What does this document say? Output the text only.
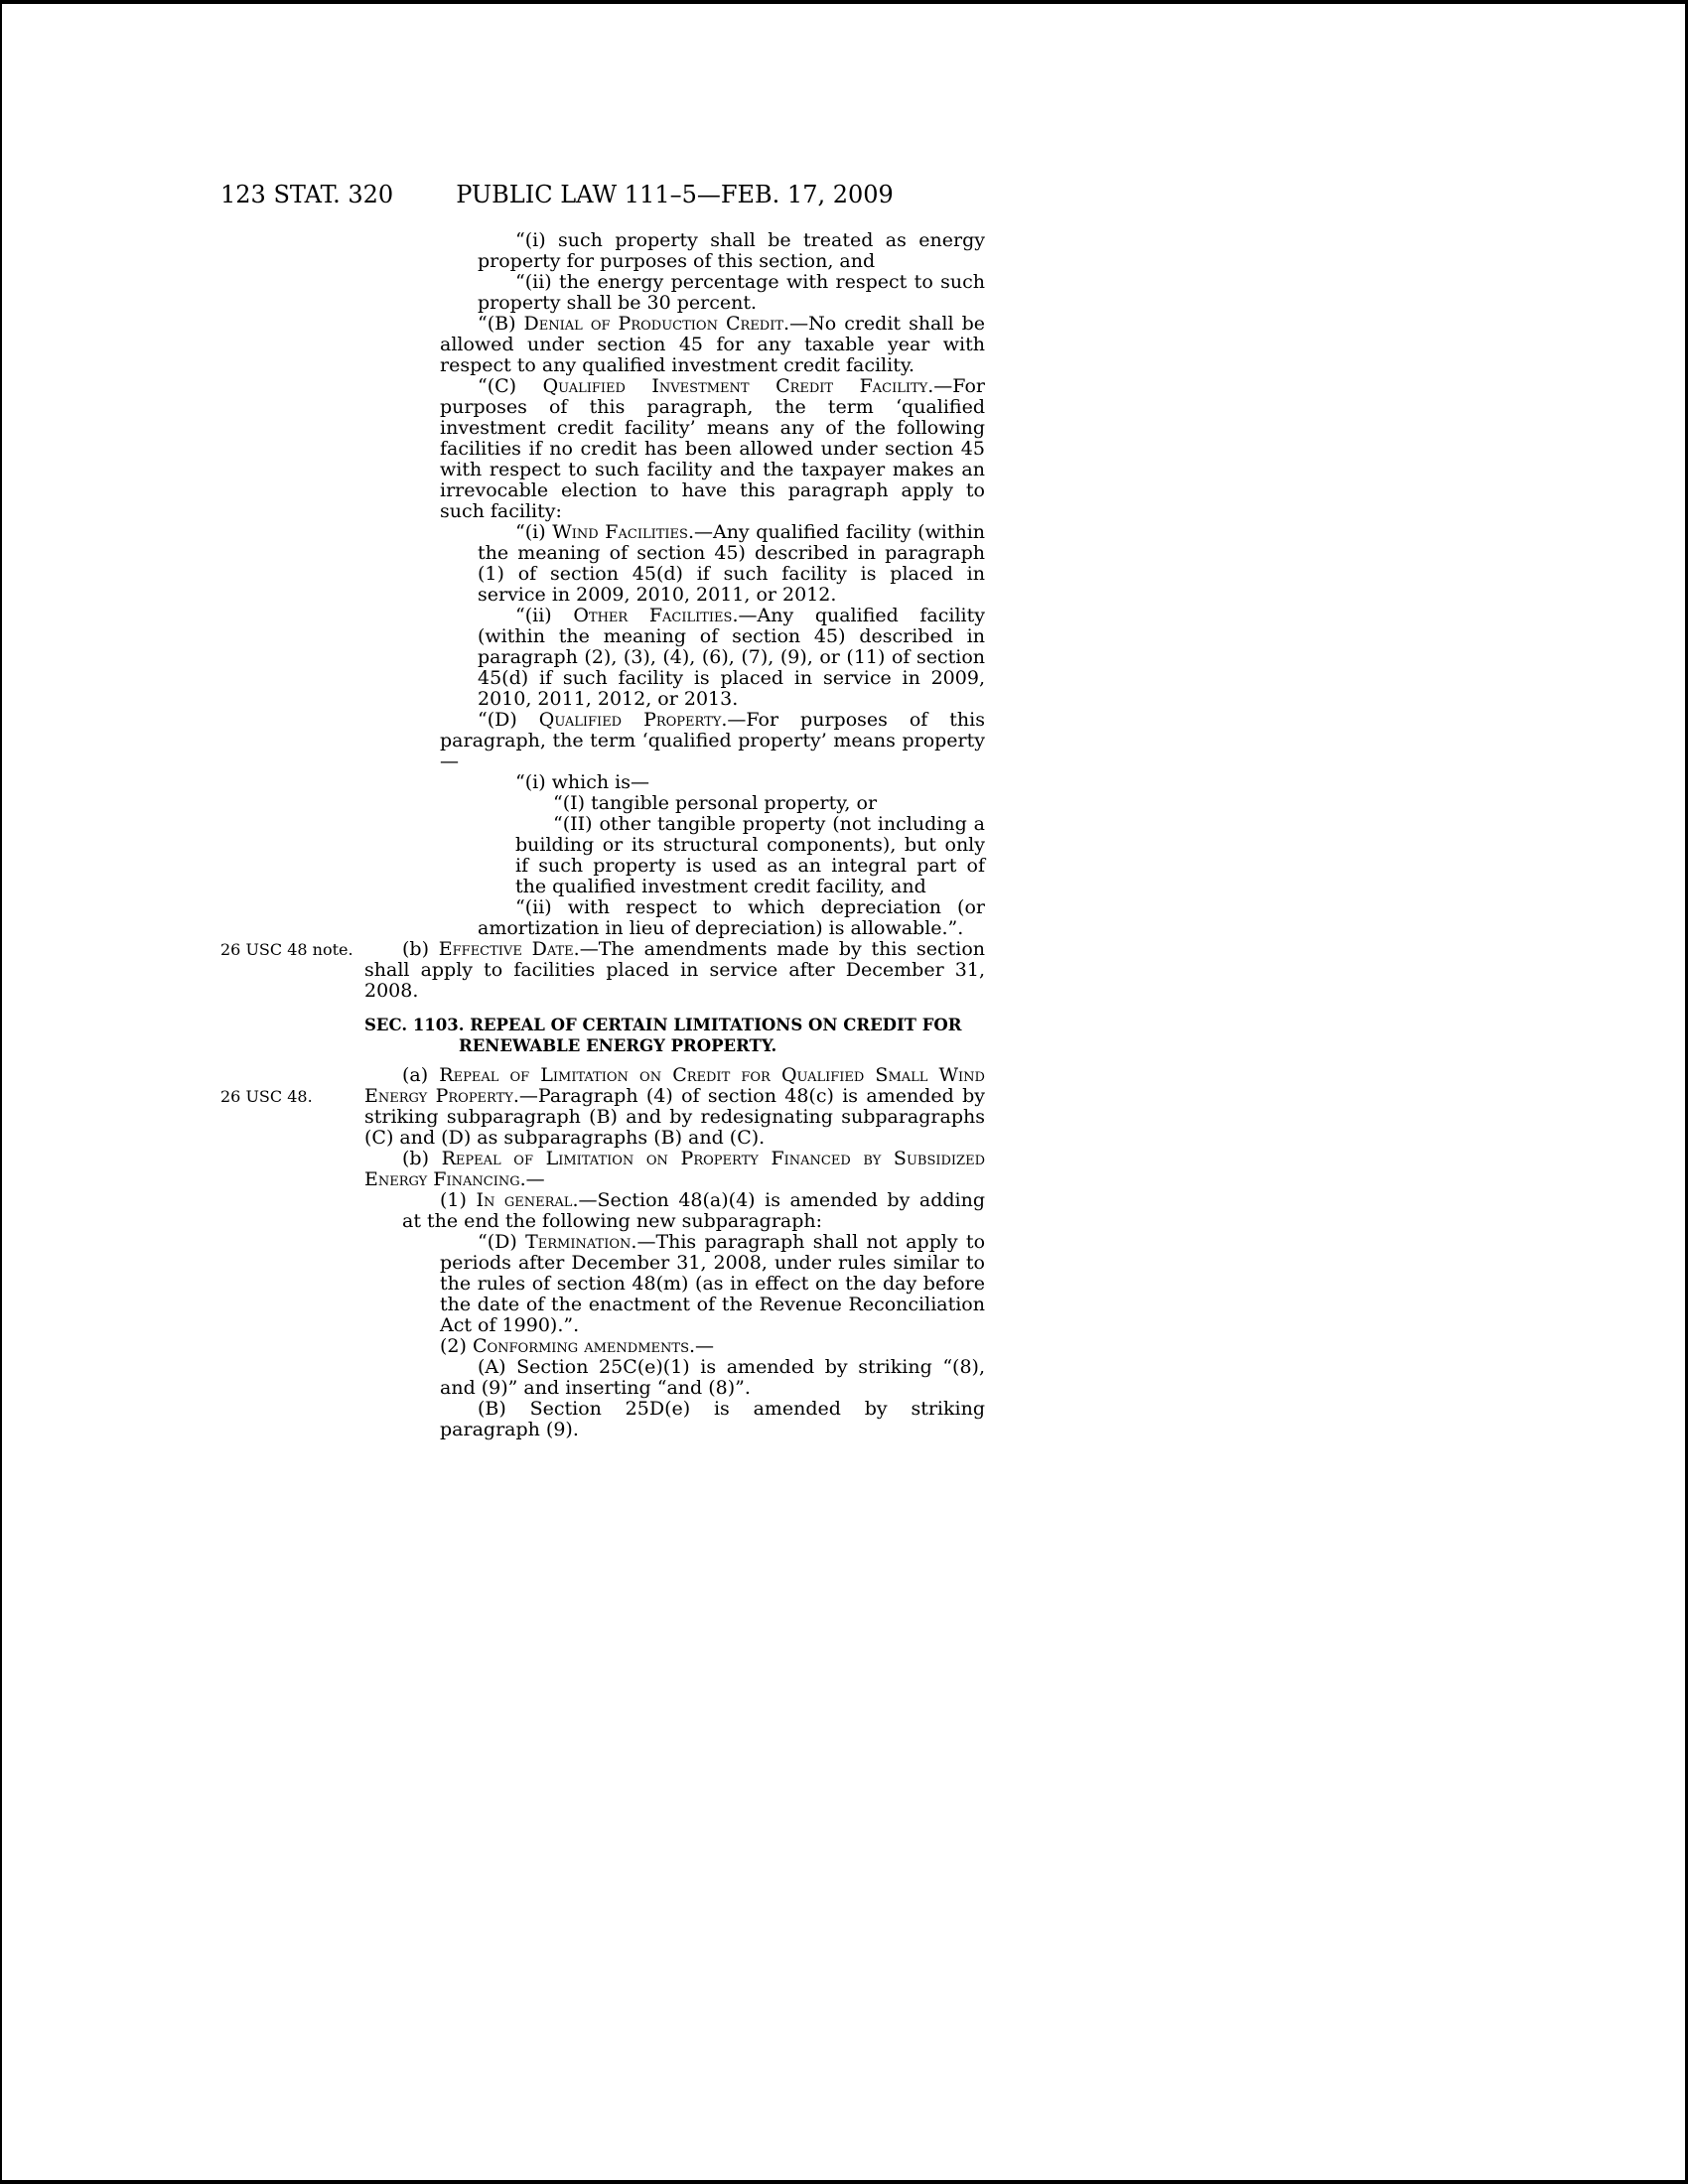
123 STAT. 320	PUBLIC LAW 111–5—FEB. 17, 2009
“(i) such property shall be treated as energy property for purposes of this section, and
“(ii) the energy percentage with respect to such property shall be 30 percent.
“(B) Denial of Production Credit.—No credit shall be allowed under section 45 for any taxable year with respect to any qualified investment credit facility.
“(C) Qualified Investment Credit Facility.—For purposes of this paragraph, the term ‘qualified investment credit facility’ means any of the following facilities if no credit has been allowed under section 45 with respect to such facility and the taxpayer makes an irrevocable election to have this paragraph apply to such facility:
“(i) Wind Facilities.—Any qualified facility (within the meaning of section 45) described in paragraph (1) of section 45(d) if such facility is placed in service in 2009, 2010, 2011, or 2012.
“(ii) Other Facilities.—Any qualified facility (within the meaning of section 45) described in paragraph (2), (3), (4), (6), (7), (9), or (11) of section 45(d) if such facility is placed in service in 2009, 2010, 2011, 2012, or 2013.
“(D) Qualified Property.—For purposes of this paragraph, the term ‘qualified property’ means property—
“(i) which is—
“(I) tangible personal property, or
“(II) other tangible property (not including a building or its structural components), but only if such property is used as an integral part of the qualified investment credit facility, and
“(ii) with respect to which depreciation (or amortization in lieu of depreciation) is allowable.”.
(b) Effective Date.—The amendments made by this section shall apply to facilities placed in service after December 31, 2008.
26 USC 48 note.
SEC. 1103. REPEAL OF CERTAIN LIMITATIONS ON CREDIT FOR RENEWABLE ENERGY PROPERTY.
(a) Repeal of Limitation on Credit for Qualified Small Wind Energy Property.—Paragraph (4) of section 48(c) is amended by striking subparagraph (B) and by redesignating subparagraphs (C) and (D) as subparagraphs (B) and (C).
26 USC 48.
(b) Repeal of Limitation on Property Financed by Subsidized Energy Financing.—
(1) In general.—Section 48(a)(4) is amended by adding at the end the following new subparagraph:
“(D) Termination.—This paragraph shall not apply to periods after December 31, 2008, under rules similar to the rules of section 48(m) (as in effect on the day before the date of the enactment of the Revenue Reconciliation Act of 1990).”.
(2) Conforming amendments.—
(A) Section 25C(e)(1) is amended by striking “(8), and (9)” and inserting “and (8)”.
(B) Section 25D(e) is amended by striking paragraph (9).
